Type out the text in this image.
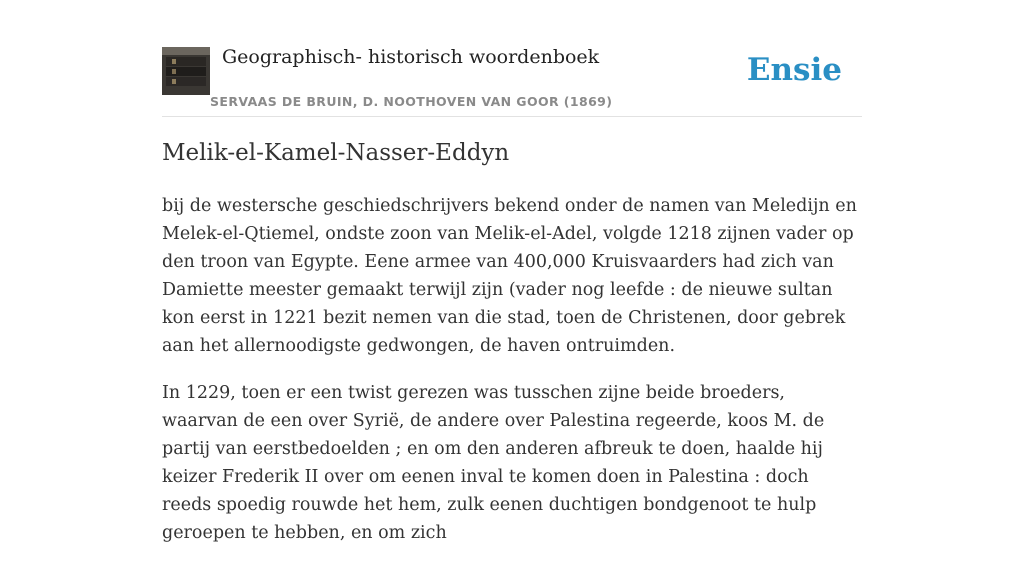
Geographisch- historisch woordenboek
SERVAAS DE BRUIN, D. NOOTHOVEN VAN GOOR (1869)
Ensie
Melik-el-Kamel-Nasser-Eddyn

bij de westersche geschiedschrijvers bekend onder de namen van Meledijn en Melek-el-Qtiemel, ondste zoon van Melik-el-Adel, volgde 1218 zijnen vader op den troon van Egypte. Eene armee van 400,000 Kruisvaarders had zich van Damiette meester gemaakt terwijl zijn (vader nog leefde : de nieuwe sultan kon eerst in 1221 bezit nemen van die stad, toen de Christenen, door gebrek aan het allernoodigste gedwongen, de haven ontruimden.

In 1229, toen er een twist gerezen was tusschen zijne beide broeders, waarvan de een over Syrië, de andere over Palestina regeerde, koos M. de partij van eerstbedoelden ; en om den anderen afbreuk te doen, haalde hij keizer Frederik II over om eenen inval te komen doen in Palestina : doch reeds spoedig rouwde het hem, zulk eenen duchtigen bondgenoot te hulp geroepen te hebben, en om zich
